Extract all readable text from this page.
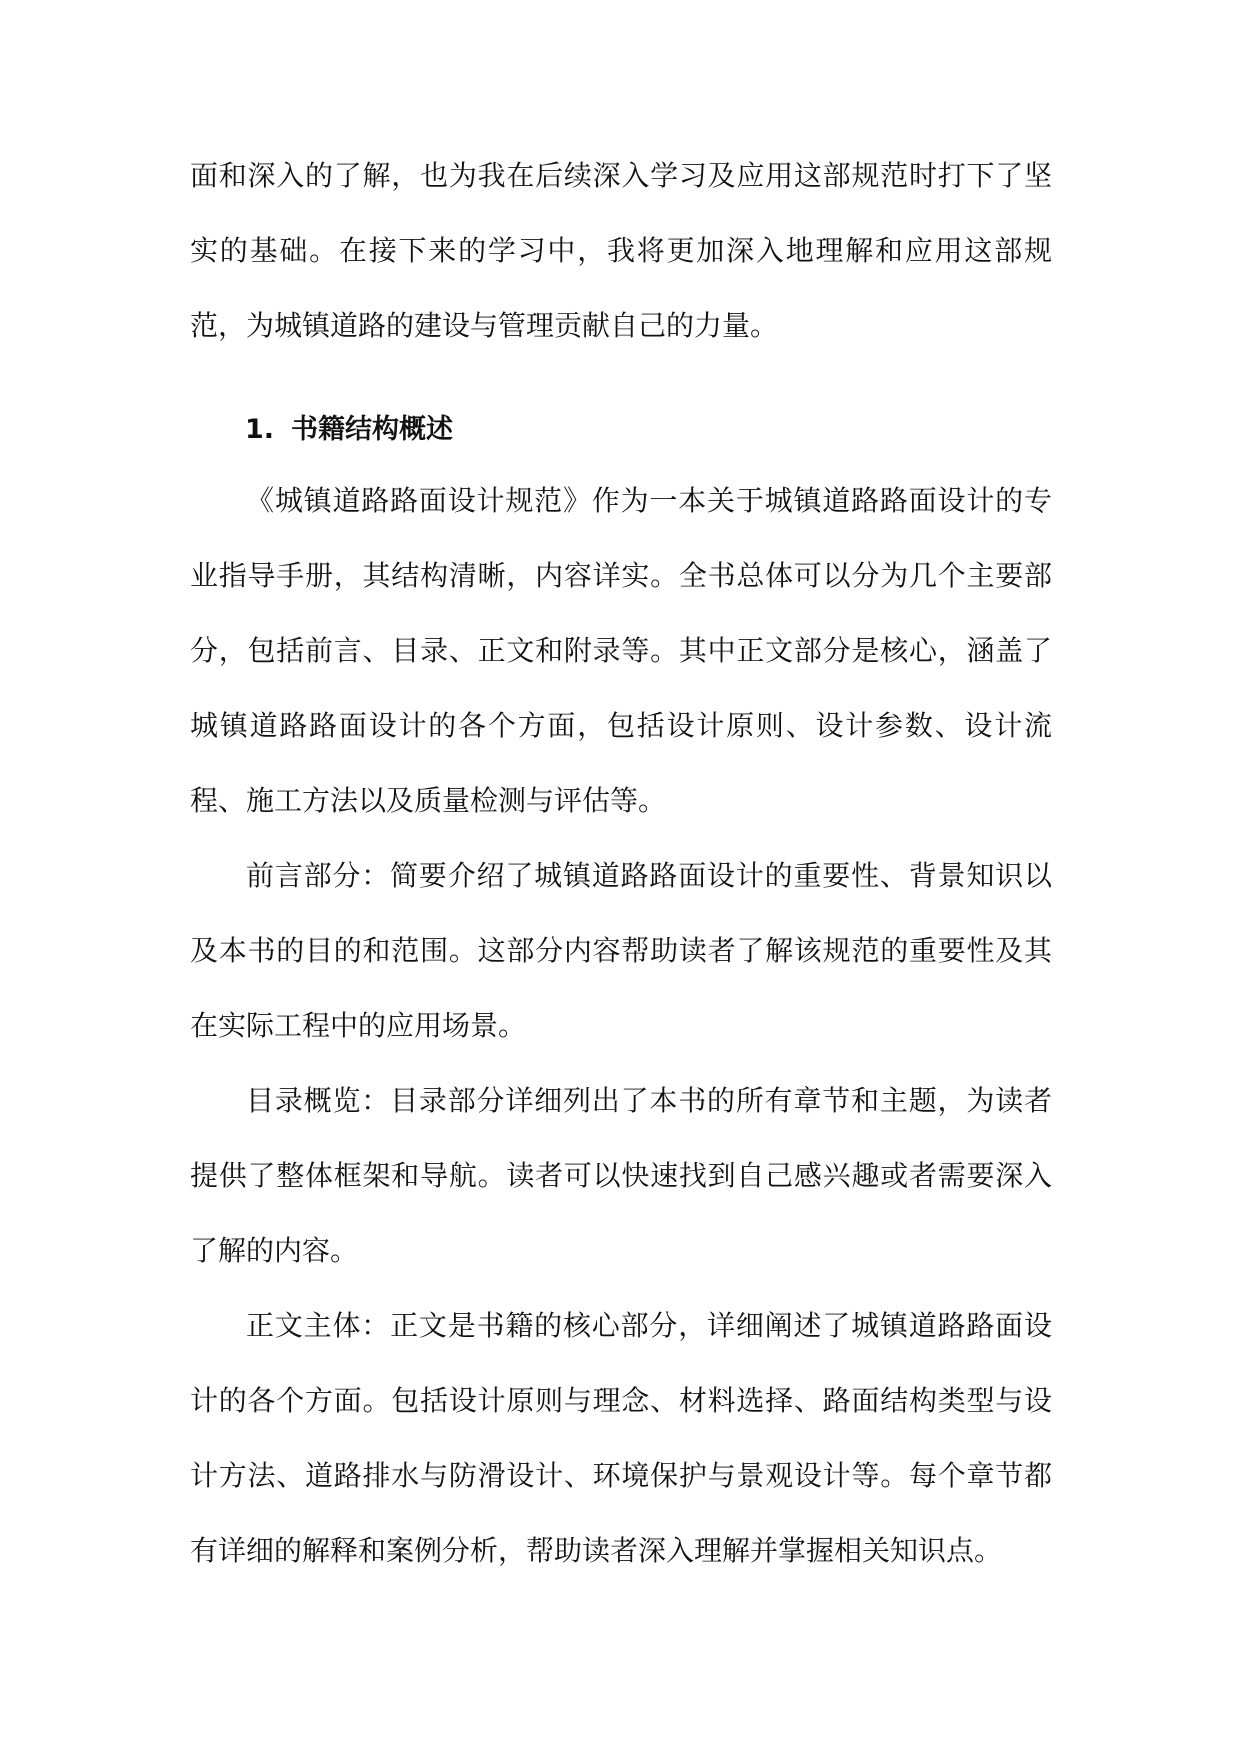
面和深入的了解，也为我在后续深入学习及应用这部规范时打下了坚实的基础。在接下来的学习中，我将更加深入地理解和应用这部规范，为城镇道路的建设与管理贡献自己的力量。

1. 书籍结构概述

《城镇道路路面设计规范》作为一本关于城镇道路路面设计的专业指导手册，其结构清晰，内容详实。全书总体可以分为几个主要部分，包括前言、目录、正文和附录等。其中正文部分是核心，涵盖了城镇道路路面设计的各个方面，包括设计原则、设计参数、设计流程、施工方法以及质量检测与评估等。

前言部分：简要介绍了城镇道路路面设计的重要性、背景知识以及本书的目的和范围。这部分内容帮助读者了解该规范的重要性及其在实际工程中的应用场景。

目录概览：目录部分详细列出了本书的所有章节和主题，为读者提供了整体框架和导航。读者可以快速找到自己感兴趣或者需要深入了解的内容。

正文主体：正文是书籍的核心部分，详细阐述了城镇道路路面设计的各个方面。包括设计原则与理念、材料选择、路面结构类型与设计方法、道路排水与防滑设计、环境保护与景观设计等。每个章节都有详细的解释和案例分析，帮助读者深入理解并掌握相关知识点。
